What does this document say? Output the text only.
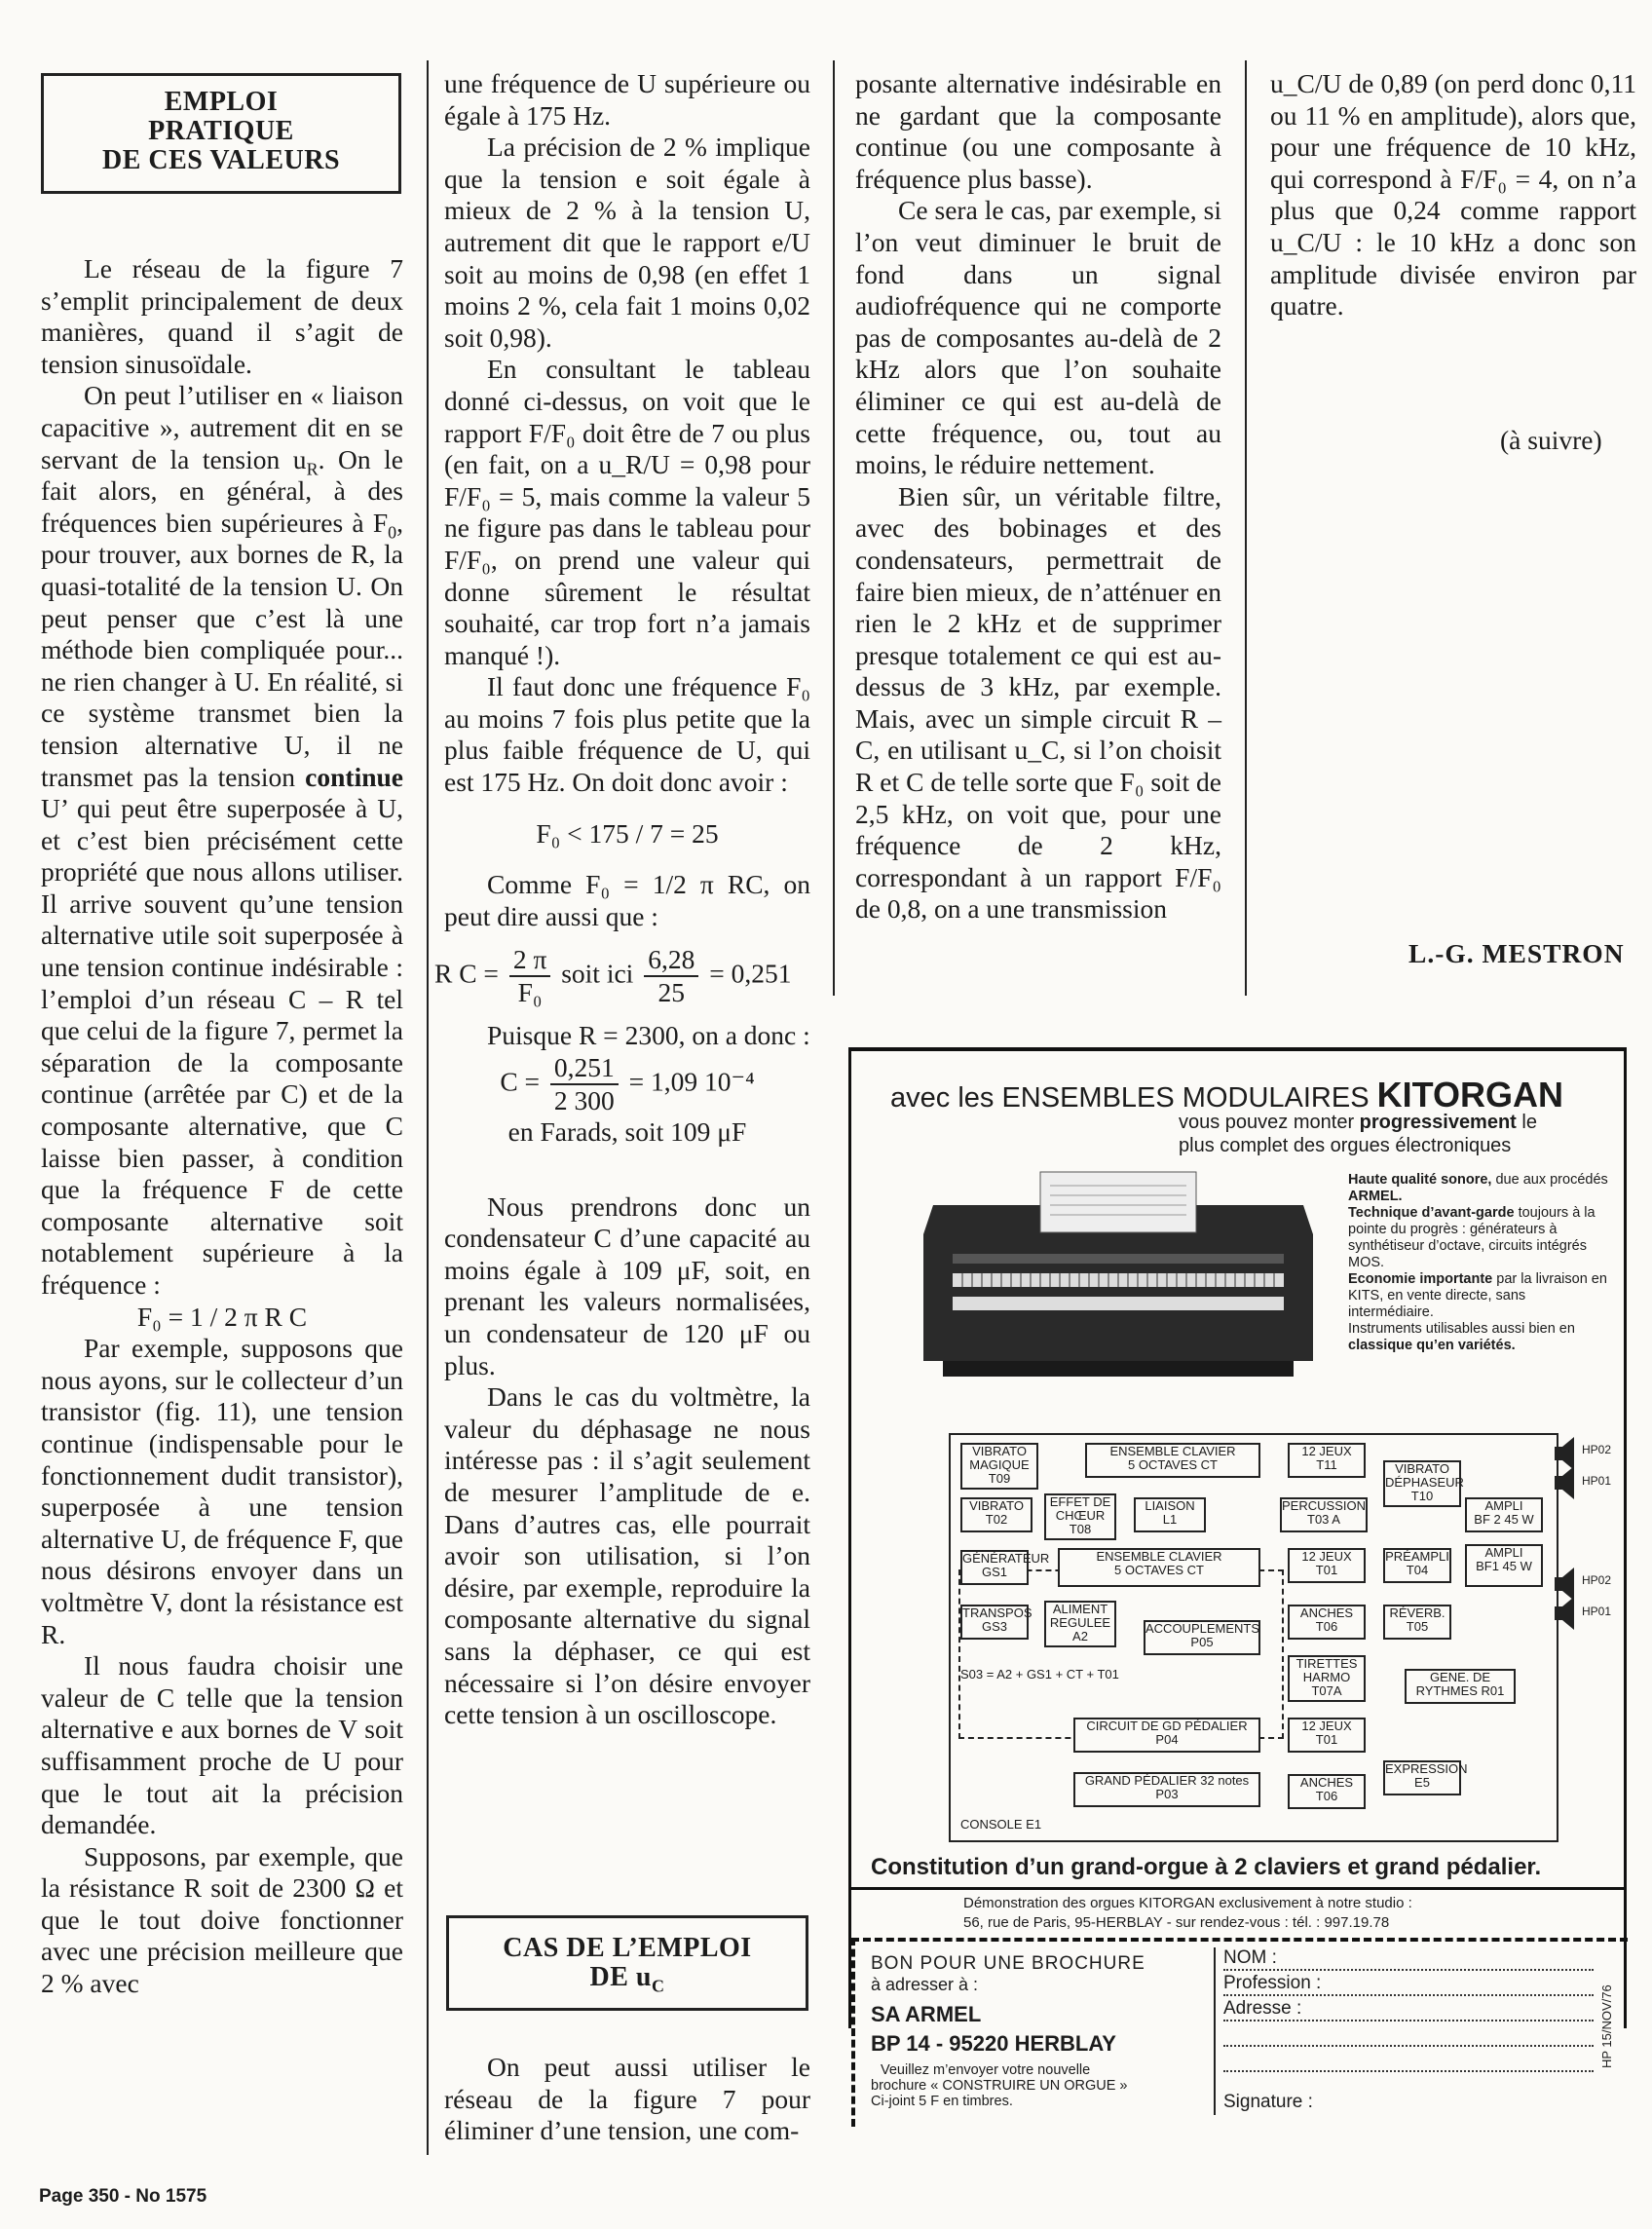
EMPLOI
PRATIQUE
DE CES VALEURS

Le réseau de la figure 7 s’emplit principalement de deux manières, quand il s’agit de tension sinusoïdale.

On peut l’utiliser en « liaison capacitive », autrement dit en se servant de la tension $u_R$. On le fait alors, en général, à des fréquences bien supérieures à $F_0$, pour trouver, aux bornes de R, la quasi-totalité de la tension U. On peut penser que c’est là une méthode bien compliquée pour... ne rien changer à U. En réalité, si ce système transmet bien la tension alternative U, il ne transmet pas la tension continue U’ qui peut être superposée à U, et c’est bien précisément cette propriété que nous allons utiliser. Il arrive souvent qu’une tension alternative utile soit superposée à une tension continue indésirable : l’emploi d’un réseau C – R tel que celui de la figure 7, permet la séparation de la composante continue (arrêtée par C) et de la composante alternative, que C laisse bien passer, à condition que la fréquence F de cette composante alternative soit notablement supérieure à la fréquence :

F₀ = 1 / 2 π R C

Par exemple, supposons que nous ayons, sur le collecteur d’un transistor (fig. 11), une tension continue (indispensable pour le fonctionnement dudit transistor), superposée à une tension alternative U, de fréquence F, que nous désirons envoyer dans un voltmètre V, dont la résistance est R.

Il nous faudra choisir une valeur de C telle que la tension alternative e aux bornes de V soit suffisamment proche de U pour que le tout ait la précision demandée.

Supposons, par exemple, que la résistance R soit de 2300 Ω et que le tout doive fonctionner avec une précision meilleure que 2 % avec

Page 350 - No 1575

une fréquence de U supérieure ou égale à 175 Hz.

La précision de 2 % implique que la tension e soit égale à mieux de 2 % à la tension U, autrement dit que le rapport e/U soit au moins de 0,98 (en effet 1 moins 2 %, cela fait 1 moins 0,02 soit 0,98).

En consultant le tableau donné ci-dessus, on voit que le rapport F/F₀ doit être de 7 ou plus (en fait, on a u_R/U = 0,98 pour F/F₀ = 5, mais comme la valeur 5 ne figure pas dans le tableau pour F/F₀, on prend une valeur qui donne sûrement le résultat souhaité, car trop fort n’a jamais manqué !).

Il faut donc une fréquence F₀ au moins 7 fois plus petite que la plus faible fréquence de U, qui est 175 Hz. On doit donc avoir :

F₀ < 175 / 7 = 25

Comme F₀ = 1/2 π RC, on peut dire aussi que :

R $C = \frac{2 \pi}{\text{F₀}}$ soit ici $\frac{6,28}{25} = 0,251$

Puisque R = 2300, on a donc :

$C = \frac{0,251}{2 300} = 1,09$ 10⁻⁴

en Farads, soit 109 μF

Nous prendrons donc un condensateur C d’une capacité au moins égale à 109 μF, soit, en prenant les valeurs normalisées, un condensateur de 120 μF ou plus.

Dans le cas du voltmètre, la valeur du déphasage ne nous intéresse pas : il s’agit seulement de mesurer l’amplitude de e. Dans d’autres cas, elle pourrait avoir son utilisation, si l’on désire, par exemple, reproduire la composante alternative du signal sans la déphaser, ce qui est nécessaire si l’on désire envoyer cette tension à un oscilloscope.

CAS DE L’EMPLOI
DE $u_C$

On peut aussi utiliser le réseau de la figure 7 pour éliminer d’une tension, une com-

posante alternative indésirable en ne gardant que la composante continue (ou une composante à fréquence plus basse).

Ce sera le cas, par exemple, si l’on veut diminuer le bruit de fond dans un signal audiofréquence qui ne comporte pas de composantes au-delà de 2 kHz alors que l’on souhaite éliminer ce qui est au-delà de cette fréquence, ou, tout au moins, le réduire nettement.

Bien sûr, un véritable filtre, avec des bobinages et des condensateurs, permettrait de faire bien mieux, de n’atténuer en rien le 2 kHz et de supprimer presque totalement ce qui est au-dessus de 3 kHz, par exemple. Mais, avec un simple circuit R – C, en utilisant u_C, si l’on choisit R et C de telle sorte que F₀ soit de 2,5 kHz, on voit que, pour une fréquence de 2 kHz, correspondant à un rapport F/F₀ de 0,8, on a une transmission

u_C/U de 0,89 (on perd donc 0,11 ou 11 % en amplitude), alors que, pour une fréquence de 10 kHz, qui correspond à F/F₀ = 4, on n’a plus que 0,24 comme rapport u_C/U : le 10 kHz a donc son amplitude divisée environ par quatre.

(à suivre)
L.-G. MESTRON
avec les ENSEMBLES MODULAIRES KITORGAN
vous pouvez monter progressivement le
plus complet des orgues électroniques
Haute qualité sonore, due aux procédés ARMEL.
Technique d’avant-garde toujours à la pointe du progrès : générateurs à synthétiseur d’octave, circuits intégrés MOS.
Economie importante par la livraison en KITS, en vente directe, sans intermédiaire.
Instruments utilisables aussi bien en classique qu’en variétés.
VIBRATO MAGIQUE
T09
ENSEMBLE CLAVIER
5 OCTAVES CT
12 JEUX
T11	VIBRATO DÉPHASEUR
T10
VIBRATO
T02
EFFET DE CHŒUR
T08
LIAISON
L1
PERCUSSION
T03 A
AMPLI
BF 2 45 W
GÉNÉRATEUR
GS1
ENSEMBLE CLAVIER
5 OCTAVES CT
12 JEUX
T01
PRÉAMPLI
T04
AMPLI
BF1 45 W
TRANSPOS
GS3
ALIMENT REGULEE
A2
ACCOUPLEMENTS
P05
ANCHES
T06
RÉVERB.
T05
S03 = A2 + GS1 + CT + T01
TIRETTES HARMO
T07A
GENE. DE RYTHMES R01
CIRCUIT DE GD PÉDALIER
P04
12 JEUX
T01
GRAND PÉDALIER 32 notes
P03
ANCHES
T06
EXPRESSION
E5
CONSOLE E1
HP02
HP01
HP02
HP01
Constitution d’un grand-orgue à 2 claviers et grand pédalier.
Démonstration des orgues KITORGAN exclusivement à notre studio :
56, rue de Paris, 95-HERBLAY - sur rendez-vous : tél. : 997.19.78
BON POUR UNE BROCHURE
à adresser à :
SA ARMEL
BP 14 - 95220 HERBLAY
Veuillez m’envoyer votre nouvelle
brochure « CONSTRUIRE UN ORGUE »
Ci-joint 5 F en timbres.
NOM :
Profession :
Adresse :
Signature :
HP 15/NOV/76
